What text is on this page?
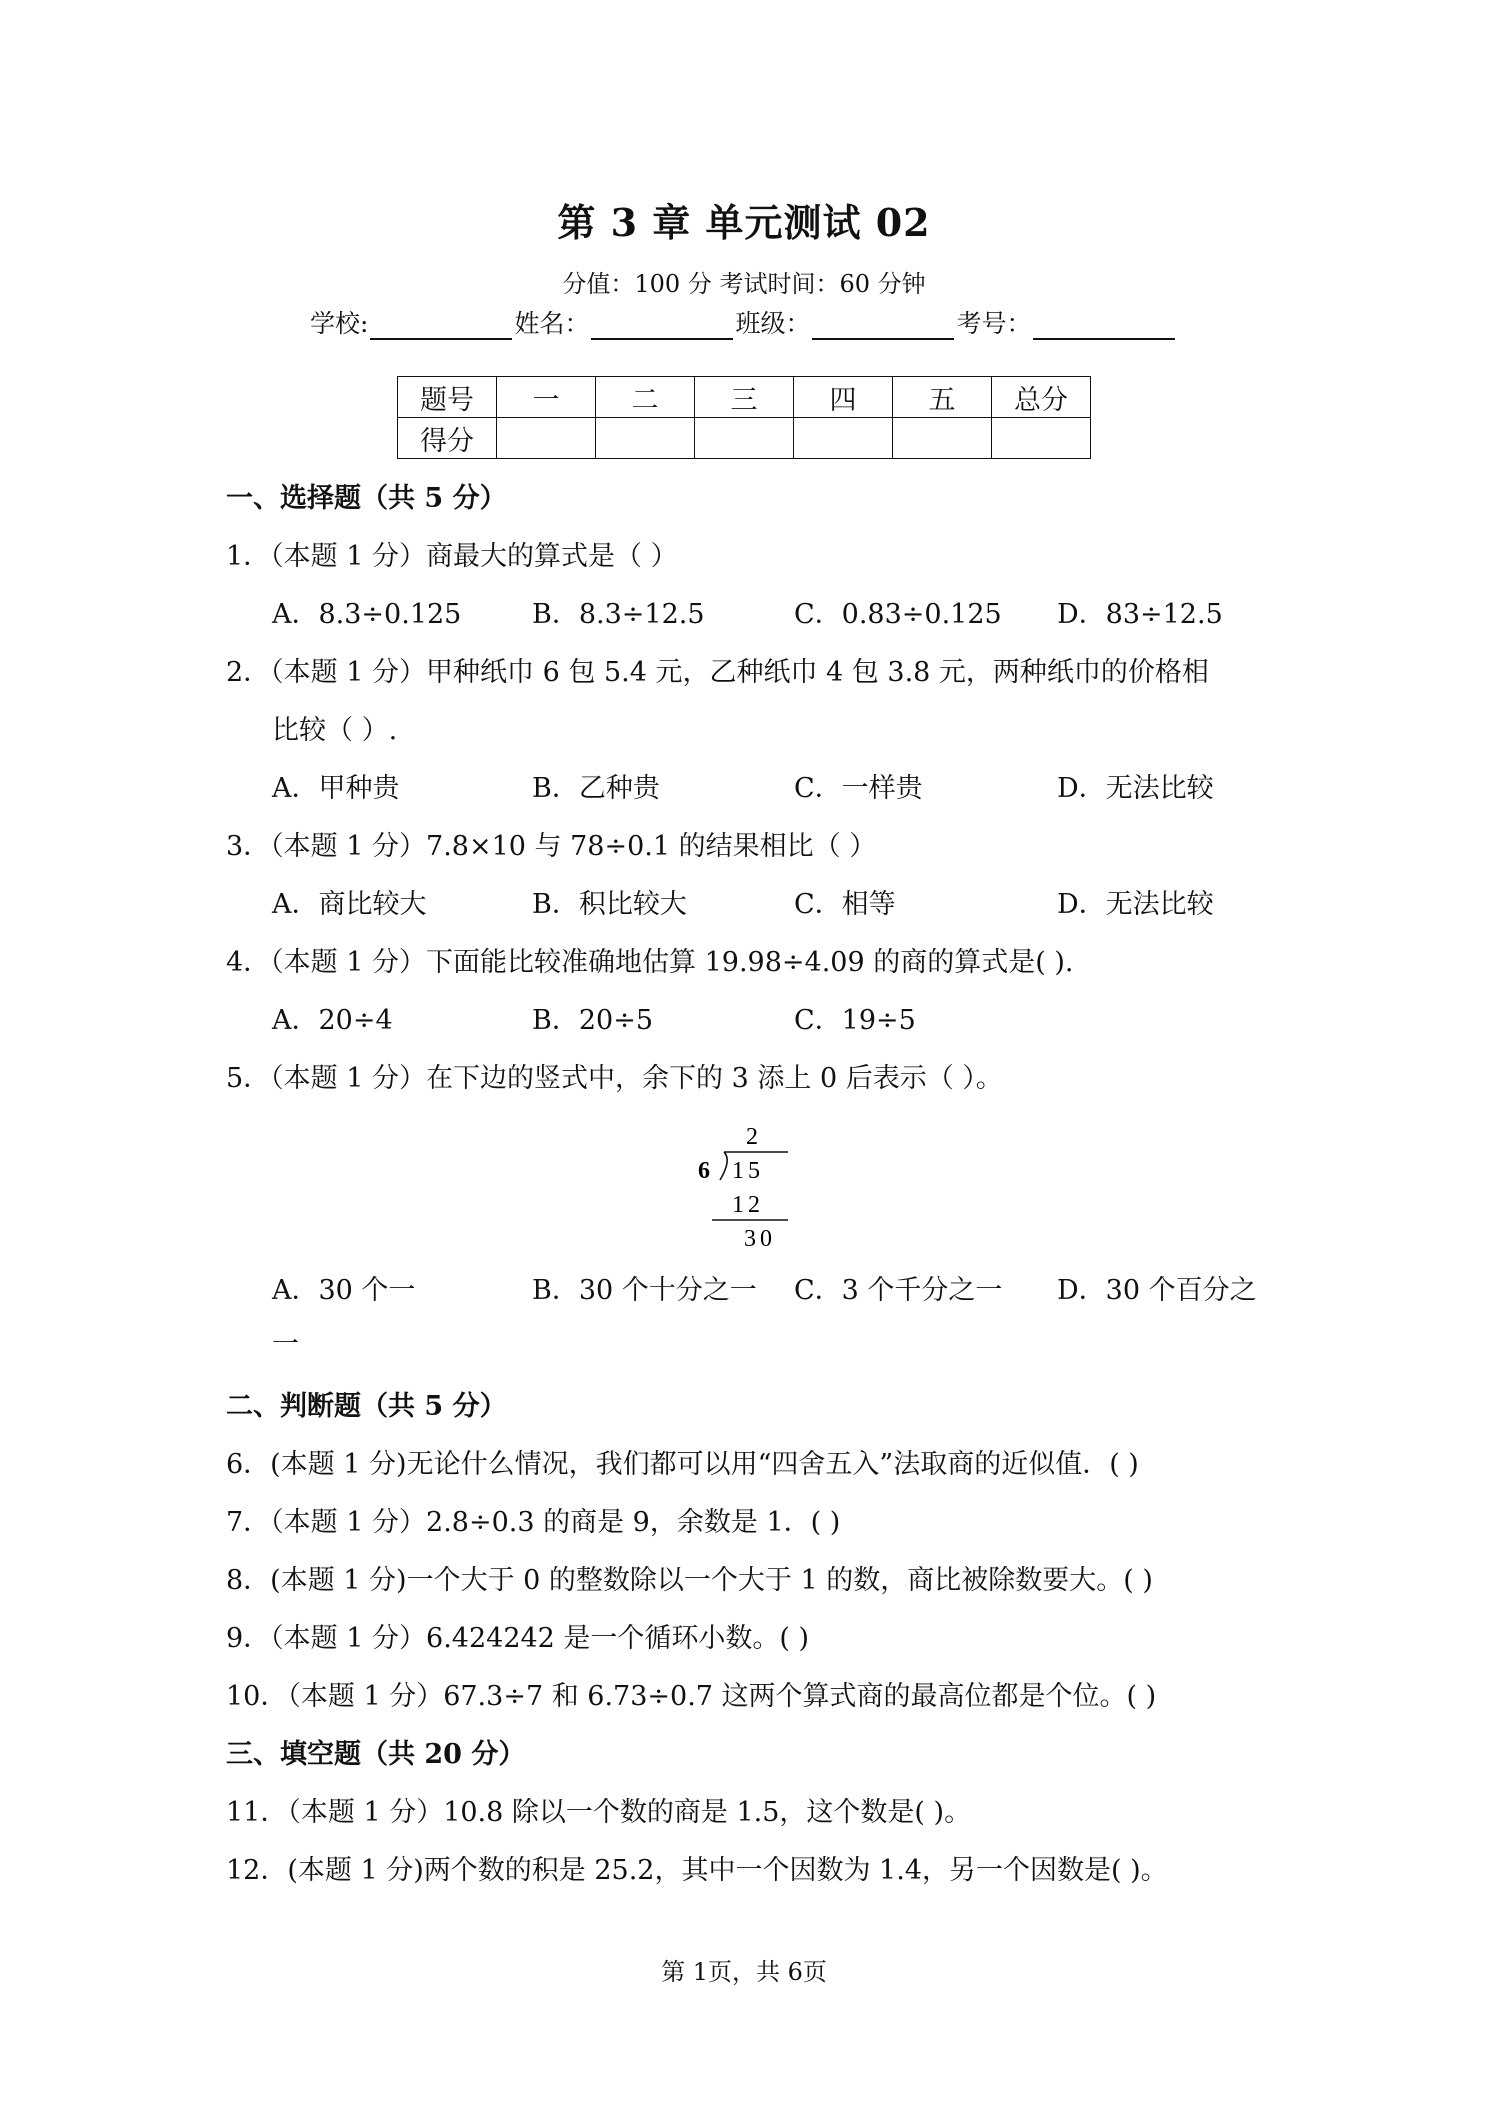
第 3 章 单元测试 02
分值：100 分 考试时间：60 分钟
学校:	姓名：	班级：	考号：
题号	一	二	三	四	五	总分
得分						
一、选择题（共 5 分）
1．（本题 1 分）商最大的算式是（ ）
A．8.3÷0.125	B．8.3÷12.5	C．0.83÷0.125 D．83÷12.5
2．（本题 1 分）甲种纸巾 6 包 5.4 元，乙种纸巾 4 包 3.8 元，两种纸巾的价格相
比较（ ）.
A．甲种贵	B．乙种贵	C．一样贵	D．无法比较
3．（本题 1 分）7.8×10 与 78÷0.1 的结果相比（ ）
A．商比较大	B．积比较大	C．相等	D．无法比较
4．（本题 1 分）下面能比较准确地估算 19.98÷4.09 的商的算式是( ).
A．20÷4	B．20÷5	C．19÷5
5．（本题 1 分）在下边的竖式中，余下的 3 添上 0 后表示（ ）。
2
6 15
12
30
A．30 个一	B．30 个十分之一 C．3 个千分之一 D．30 个百分之
一
二、判断题（共 5 分）
6．(本题 1 分)无论什么情况，我们都可以用“四舍五入”法取商的近似值．( )
7．（本题 1 分）2.8÷0.3 的商是 9，余数是 1．( )
8．(本题 1 分)一个大于 0 的整数除以一个大于 1 的数，商比被除数要大。( )
9．（本题 1 分）6.424242 是一个循环小数。( )
10．（本题 1 分）67.3÷7 和 6.73÷0.7 这两个算式商的最高位都是个位。( )
三、填空题（共 20 分）
11．（本题 1 分）10.8 除以一个数的商是 1.5，这个数是( )。
12．(本题 1 分)两个数的积是 25.2，其中一个因数为 1.4，另一个因数是( )。
第 1页，共 6页
